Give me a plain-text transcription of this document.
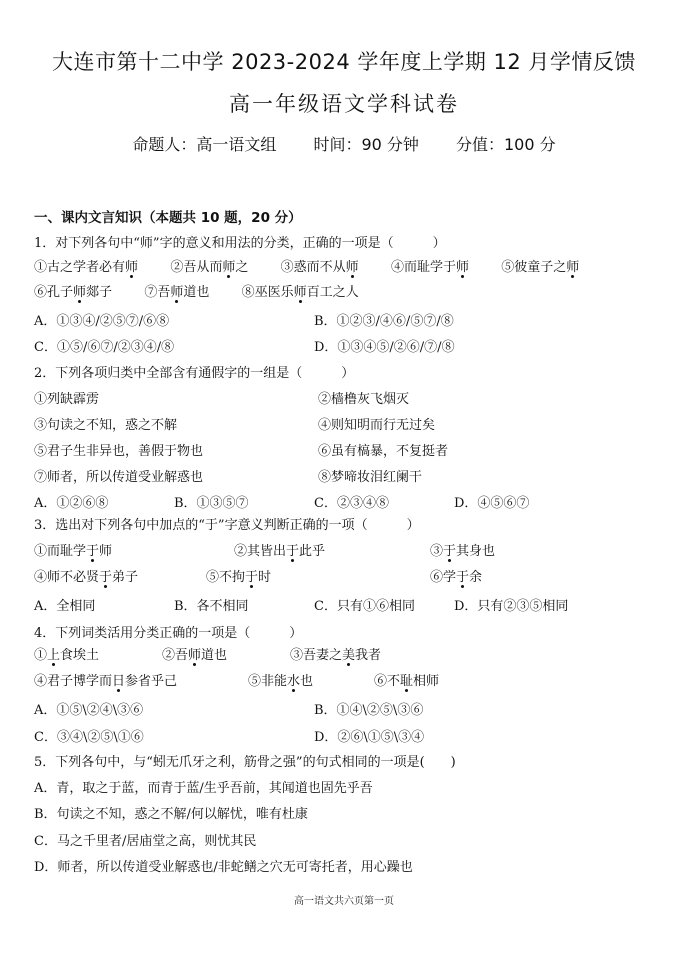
大连市第十二中学 2023-2024 学年度上学期 12 月学情反馈
高一年级语文学科试卷
命题人：高一语文组 时间：90 分钟 分值：100 分
一、课内文言知识（本题共 10 题，20 分）
1．对下列各句中“师”字的意义和用法的分类，正确的一项是（　　　）
①古之学者必有师 ②吾从而师之 ③惑而不从师 ④而耻学于师 ⑤彼童子之师
⑥孔子师郯子 ⑦吾师道也 ⑧巫医乐师百工之人
A．①③④/②⑤⑦/⑥⑧	B．①②③/④⑥/⑤⑦/⑧
C．①⑤/⑥⑦/②③④/⑧	D．①③④⑤/②⑥/⑦/⑧
2．下列各项归类中全部含有通假字的一组是（　　　）
①列缺霹雳	②樯橹灰飞烟灭
③句读之不知，惑之不解	④则知明而行无过矣
⑤君子生非异也，善假于物也	⑥虽有槁暴，不复挺者
⑦师者，所以传道受业解惑也	⑧梦啼妆泪红阑干
A．①②⑥⑧	B．①③⑤⑦	C．②③④⑧	D．④⑤⑥⑦
3．选出对下列各句中加点的“于”字意义判断正确的一项（　　　）
①而耻学于师	②其皆出于此乎	③于其身也
④师不必贤于弟子	⑤不拘于时	⑥学于余
A．全相同	B．各不相同	C．只有①⑥相同	D．只有②③⑤相同
4．下列词类活用分类正确的一项是（　　　）
①上食埃土	②吾师道也	③吾妻之美我者
④君子博学而日参省乎己	⑤非能水也	⑥不耻相师
A．①⑤\②④\③⑥	B．①④\②⑤\③⑥
C．③④\②⑤\①⑥	D．②⑥\①⑤\③④
5．下列各句中，与“蚓无爪牙之利，筋骨之强”的句式相同的一项是(　　)
A．青，取之于蓝，而青于蓝/生乎吾前，其闻道也固先乎吾
B．句读之不知，惑之不解/何以解忧，唯有杜康
C．马之千里者/居庙堂之高，则忧其民
D．师者，所以传道受业解惑也/非蛇鳝之穴无可寄托者，用心躁也
高一语文共六页第一页
